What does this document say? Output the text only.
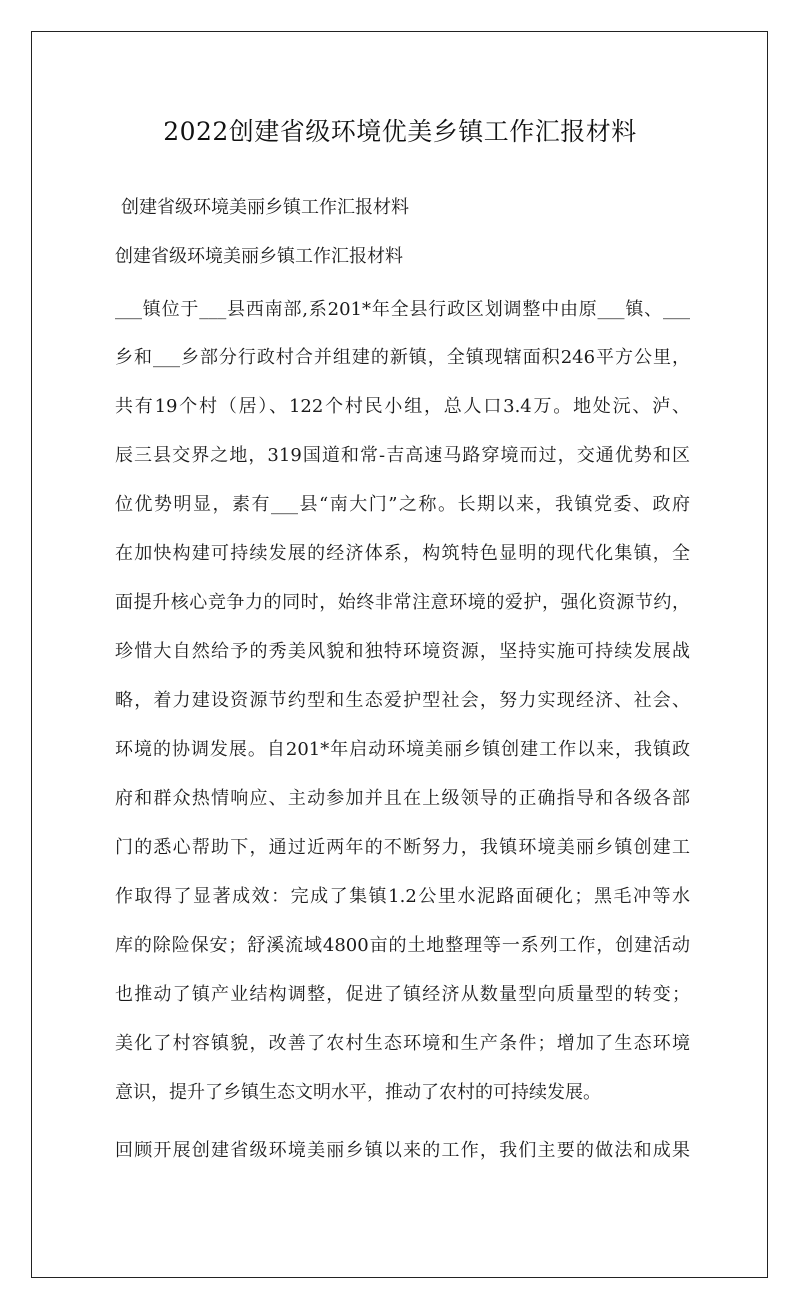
2022创建省级环境优美乡镇工作汇报材料
创建省级环境美丽乡镇工作汇报材料
创建省级环境美丽乡镇工作汇报材料
___镇位于___县西南部,系201*年全县行政区划调整中由原___镇、___
乡和___乡部分行政村合并组建的新镇，全镇现辖面积246平方公里，
共有19个村（居）、122个村民小组，总人口3.4万。地处沅、泸、
辰三县交界之地，319国道和常-吉高速马路穿境而过，交通优势和区
位优势明显，素有___县“南大门”之称。长期以来，我镇党委、政府
在加快构建可持续发展的经济体系，构筑特色显明的现代化集镇，全
面提升核心竞争力的同时，始终非常注意环境的爱护，强化资源节约，
珍惜大自然给予的秀美风貌和独特环境资源，坚持实施可持续发展战
略，着力建设资源节约型和生态爱护型社会，努力实现经济、社会、
环境的协调发展。自201*年启动环境美丽乡镇创建工作以来，我镇政
府和群众热情响应、主动参加并且在上级领导的正确指导和各级各部
门的悉心帮助下，通过近两年的不断努力，我镇环境美丽乡镇创建工
作取得了显著成效：完成了集镇1.2公里水泥路面硬化；黑毛冲等水
库的除险保安；舒溪流域4800亩的土地整理等一系列工作，创建活动
也推动了镇产业结构调整，促进了镇经济从数量型向质量型的转变；
美化了村容镇貌，改善了农村生态环境和生产条件；增加了生态环境
意识，提升了乡镇生态文明水平，推动了农村的可持续发展。
回顾开展创建省级环境美丽乡镇以来的工作，我们主要的做法和成果
